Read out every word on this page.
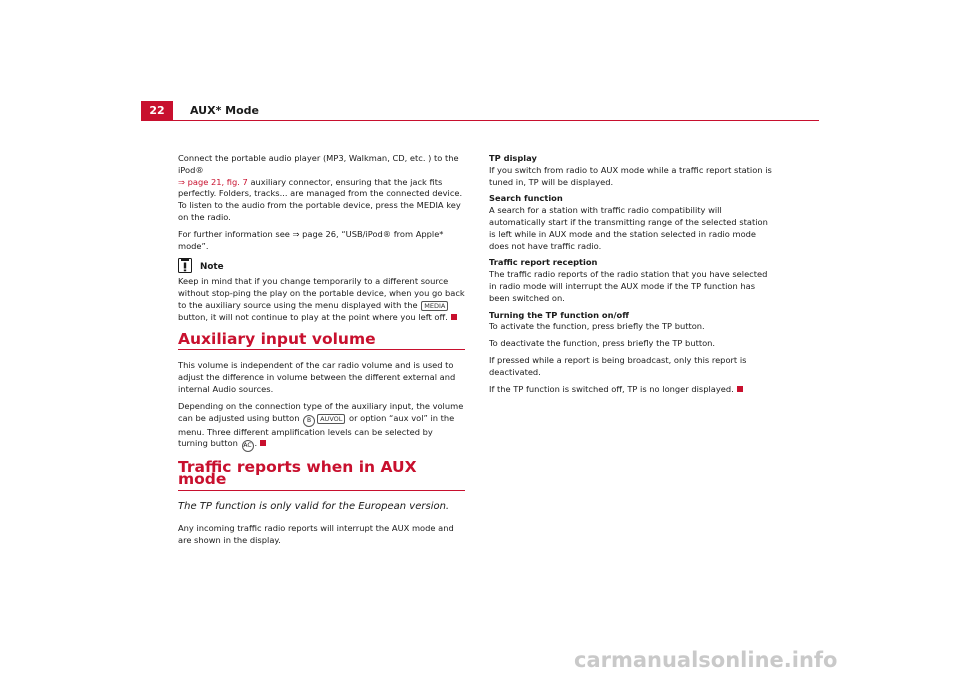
22	AUX* Mode

Connect the portable audio player (MP3, Walkman, CD, etc. ) to the iPod®
⇒ page 21, fig. 7 auxiliary connector, ensuring that the jack fits perfectly. Folders, tracks... are managed from the connected device. To listen to the audio from the portable device, press the MEDIA key on the radio.

For further information see ⇒ page 26, “USB/iPod® from Apple* mode”.

Note

Keep in mind that if you change temporarily to a different source without stop-ping the play on the portable device, when you go back to the auxiliary source using the menu displayed with the MEDIA button, it will not continue to play at the point where you left off.

Auxiliary input volume

This volume is independent of the car radio volume and is used to adjust the difference in volume between the different external and internal Audio sources.

Depending on the connection type of the auxiliary input, the volume can be adjusted using button B AUVOL or option “aux vol” in the menu. Three different amplification levels can be selected by turning button AC .

Traffic reports when in AUX mode

The TP function is only valid for the European version.

Any incoming traffic radio reports will interrupt the AUX mode and are shown in the display.

TP display

If you switch from radio to AUX mode while a traffic report station is tuned in, TP will be displayed.

Search function

A search for a station with traffic radio compatibility will automatically start if the transmitting range of the selected station is left while in AUX mode and the station selected in radio mode does not have traffic radio.

Traffic report reception

The traffic radio reports of the radio station that you have selected in radio mode will interrupt the AUX mode if the TP function has been switched on.

Turning the TP function on/off

To activate the function, press briefly the TP button.

To deactivate the function, press briefly the TP button.

If pressed while a report is being broadcast, only this report is deactivated.

If the TP function is switched off, TP is no longer displayed.

carmanualsonline.info
